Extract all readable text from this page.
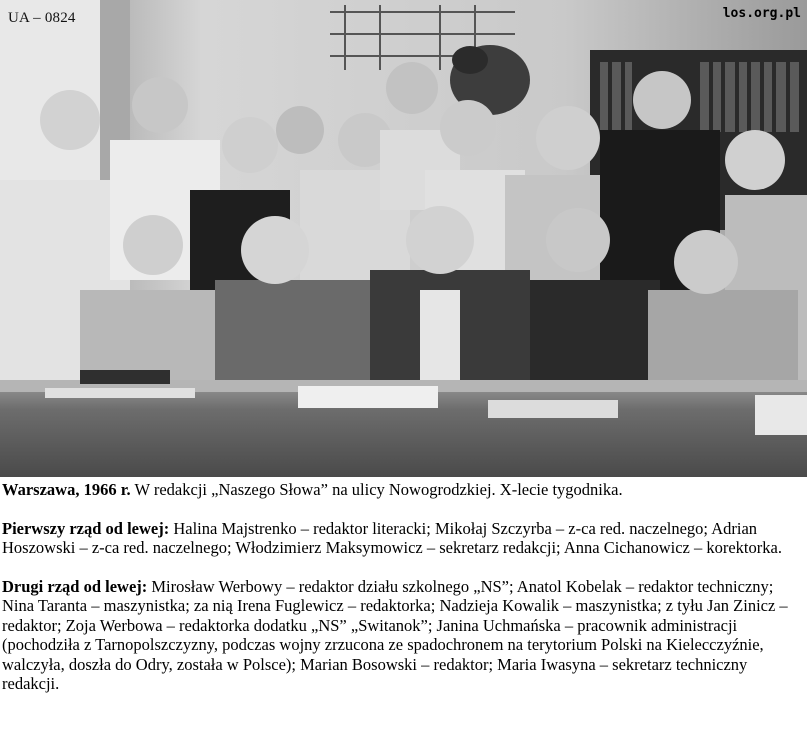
UA – 0824	los.org.pl

Warszawa, 1966 r. W redakcji „Naszego Słowa” na ulicy Nowogrodzkiej. X-lecie tygodnika.

Pierwszy rząd od lewej: Halina Majstrenko – redaktor literacki; Mikołaj Szczyrba – z-ca red. naczelnego; Adrian Hoszowski – z-ca red. naczelnego; Włodzimierz Maksymowicz – sekretarz redakcji; Anna Cichanowicz – korektorka.

Drugi rząd od lewej: Mirosław Werbowy – redaktor działu szkolnego „NS”; Anatol Kobelak – redaktor techniczny; Nina Taranta – maszynistka; za nią Irena Fuglewicz – redaktorka; Nadzieja Kowalik – maszynistka; z tyłu Jan Zinicz – redaktor; Zoja Werbowa – redaktorka dodatku „NS” „Switanok”; Janina Uchmańska – pracownik administracji (pochodziła z Tarnopolszczyzny, podczas wojny zrzucona ze spadochronem na terytorium Polski na Kielecczyźnie, walczyła, doszła do Odry, została w Polsce); Marian Bosowski – redaktor; Maria Iwasyna – sekretarz techniczny redakcji.
